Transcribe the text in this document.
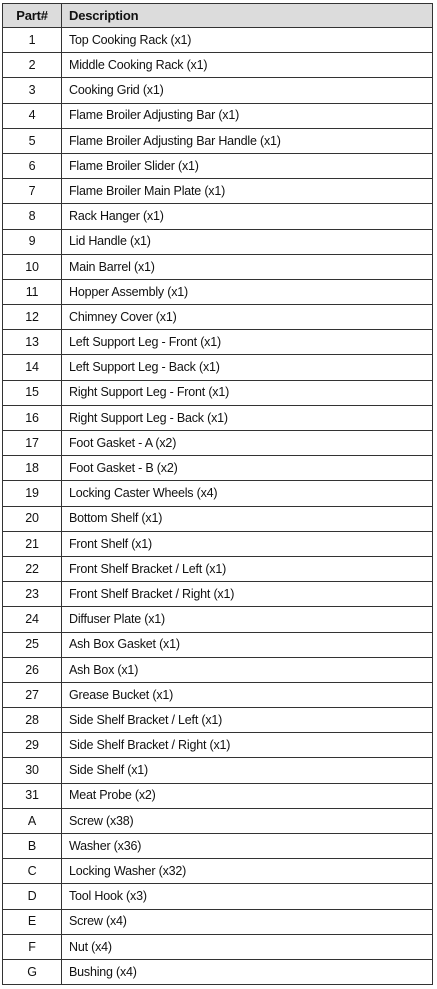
Part#	Description
1	Top Cooking Rack (x1)
2	Middle Cooking Rack (x1)
3	Cooking Grid (x1)
4	Flame Broiler Adjusting Bar (x1)
5	Flame Broiler Adjusting Bar Handle (x1)
6	Flame Broiler Slider (x1)
7	Flame Broiler Main Plate (x1)
8	Rack Hanger (x1)
9	Lid Handle (x1)
10	Main Barrel (x1)
11	Hopper Assembly (x1)
12	Chimney Cover (x1)
13	Left Support Leg - Front (x1)
14	Left Support Leg - Back (x1)
15	Right Support Leg - Front (x1)
16	Right Support Leg - Back (x1)
17	Foot Gasket - A (x2)
18	Foot Gasket - B (x2)
19	Locking Caster Wheels (x4)
20	Bottom Shelf (x1)
21	Front Shelf (x1)
22	Front Shelf Bracket / Left (x1)
23	Front Shelf Bracket / Right (x1)
24	Diffuser Plate (x1)
25	Ash Box Gasket (x1)
26	Ash Box (x1)
27	Grease Bucket (x1)
28	Side Shelf Bracket / Left (x1)
29	Side Shelf Bracket / Right (x1)
30	Side Shelf (x1)
31	Meat Probe (x2)
A	Screw (x38)
B	Washer (x36)
C	Locking Washer (x32)
D	Tool Hook (x3)
E	Screw (x4)
F	Nut (x4)
G	Bushing (x4)
